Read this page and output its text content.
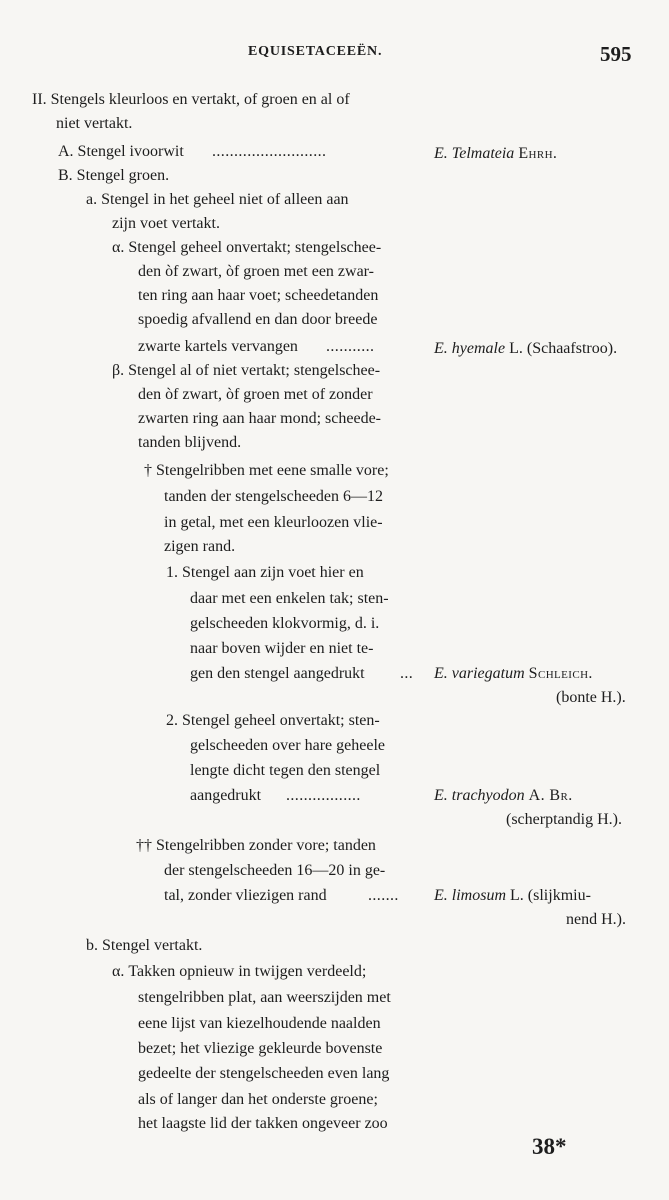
EQUISETACEEËN.	595
II. Stengels kleurloos en vertakt, of groen en al of
niet vertakt.
A. Stengel ivoorwit ..........................
B. Stengel groen.
a. Stengel in het geheel niet of alleen aan
zijn voet vertakt.
α. Stengel geheel onvertakt; stengelschee-
den òf zwart, òf groen met een zwar-
ten ring aan haar voet; scheedetanden
spoedig afvallend en dan door breede
zwarte kartels vervangen ...........
β. Stengel al of niet vertakt; stengelschee-
den òf zwart, òf groen met of zonder
zwarten ring aan haar mond; scheede-
tanden blijvend.
† Stengelribben met eene smalle vore;
tanden der stengelscheeden 6—12
in getal, met een kleurloozen vlie-
zigen rand.
1. Stengel aan zijn voet hier en
daar met een enkelen tak; sten-
gelscheeden klokvormig, d. i.
naar boven wijder en niet te-
gen den stengel aangedrukt ...
2. Stengel geheel onvertakt; sten-
gelscheeden over hare geheele
lengte dicht tegen den stengel
aangedrukt .................
†† Stengelribben zonder vore; tanden
der stengelscheeden 16—20 in ge-
tal, zonder vliezigen rand	.......
b. Stengel vertakt.
α. Takken opnieuw in twijgen verdeeld;
stengelribben plat, aan weerszijden met
eene lijst van kiezelhoudende naalden
bezet; het vliezige gekleurde bovenste
gedeelte der stengelscheeden even lang
als of langer dan het onderste groene;
het laagste lid der takken ongeveer zoo
E. Telmateia Ehrh.
E. hyemale L. (Schaafstroo).
E. variegatum Schleich.
(bonte H.).
E. trachyodon A. Br.
(scherptandig H.).
E. limosum L. (slijkmiu-
nend H.).
38*
